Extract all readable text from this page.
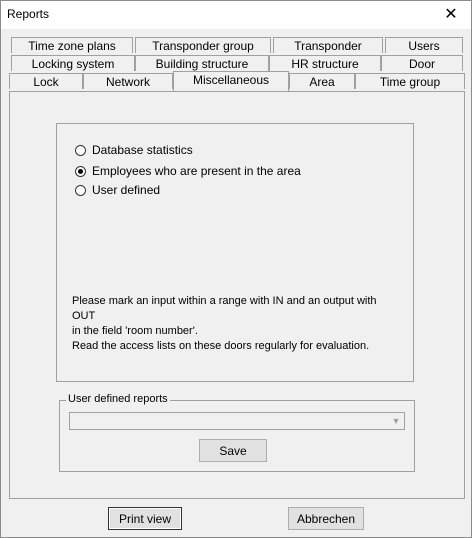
Reports	✕
Time zone plans	Transponder group	Transponder	Users
Locking system	Building structure	HR structure	Door
Lock	Network	Miscellaneous	Area	Time group
Database statistics
Employees who are present in the area
User defined
Please mark an input within a range with IN and an output with OUT
in the field 'room number'.
Read the access lists on these doors regularly for evaluation.
User defined reports
▼
Save
Print view	Abbrechen
